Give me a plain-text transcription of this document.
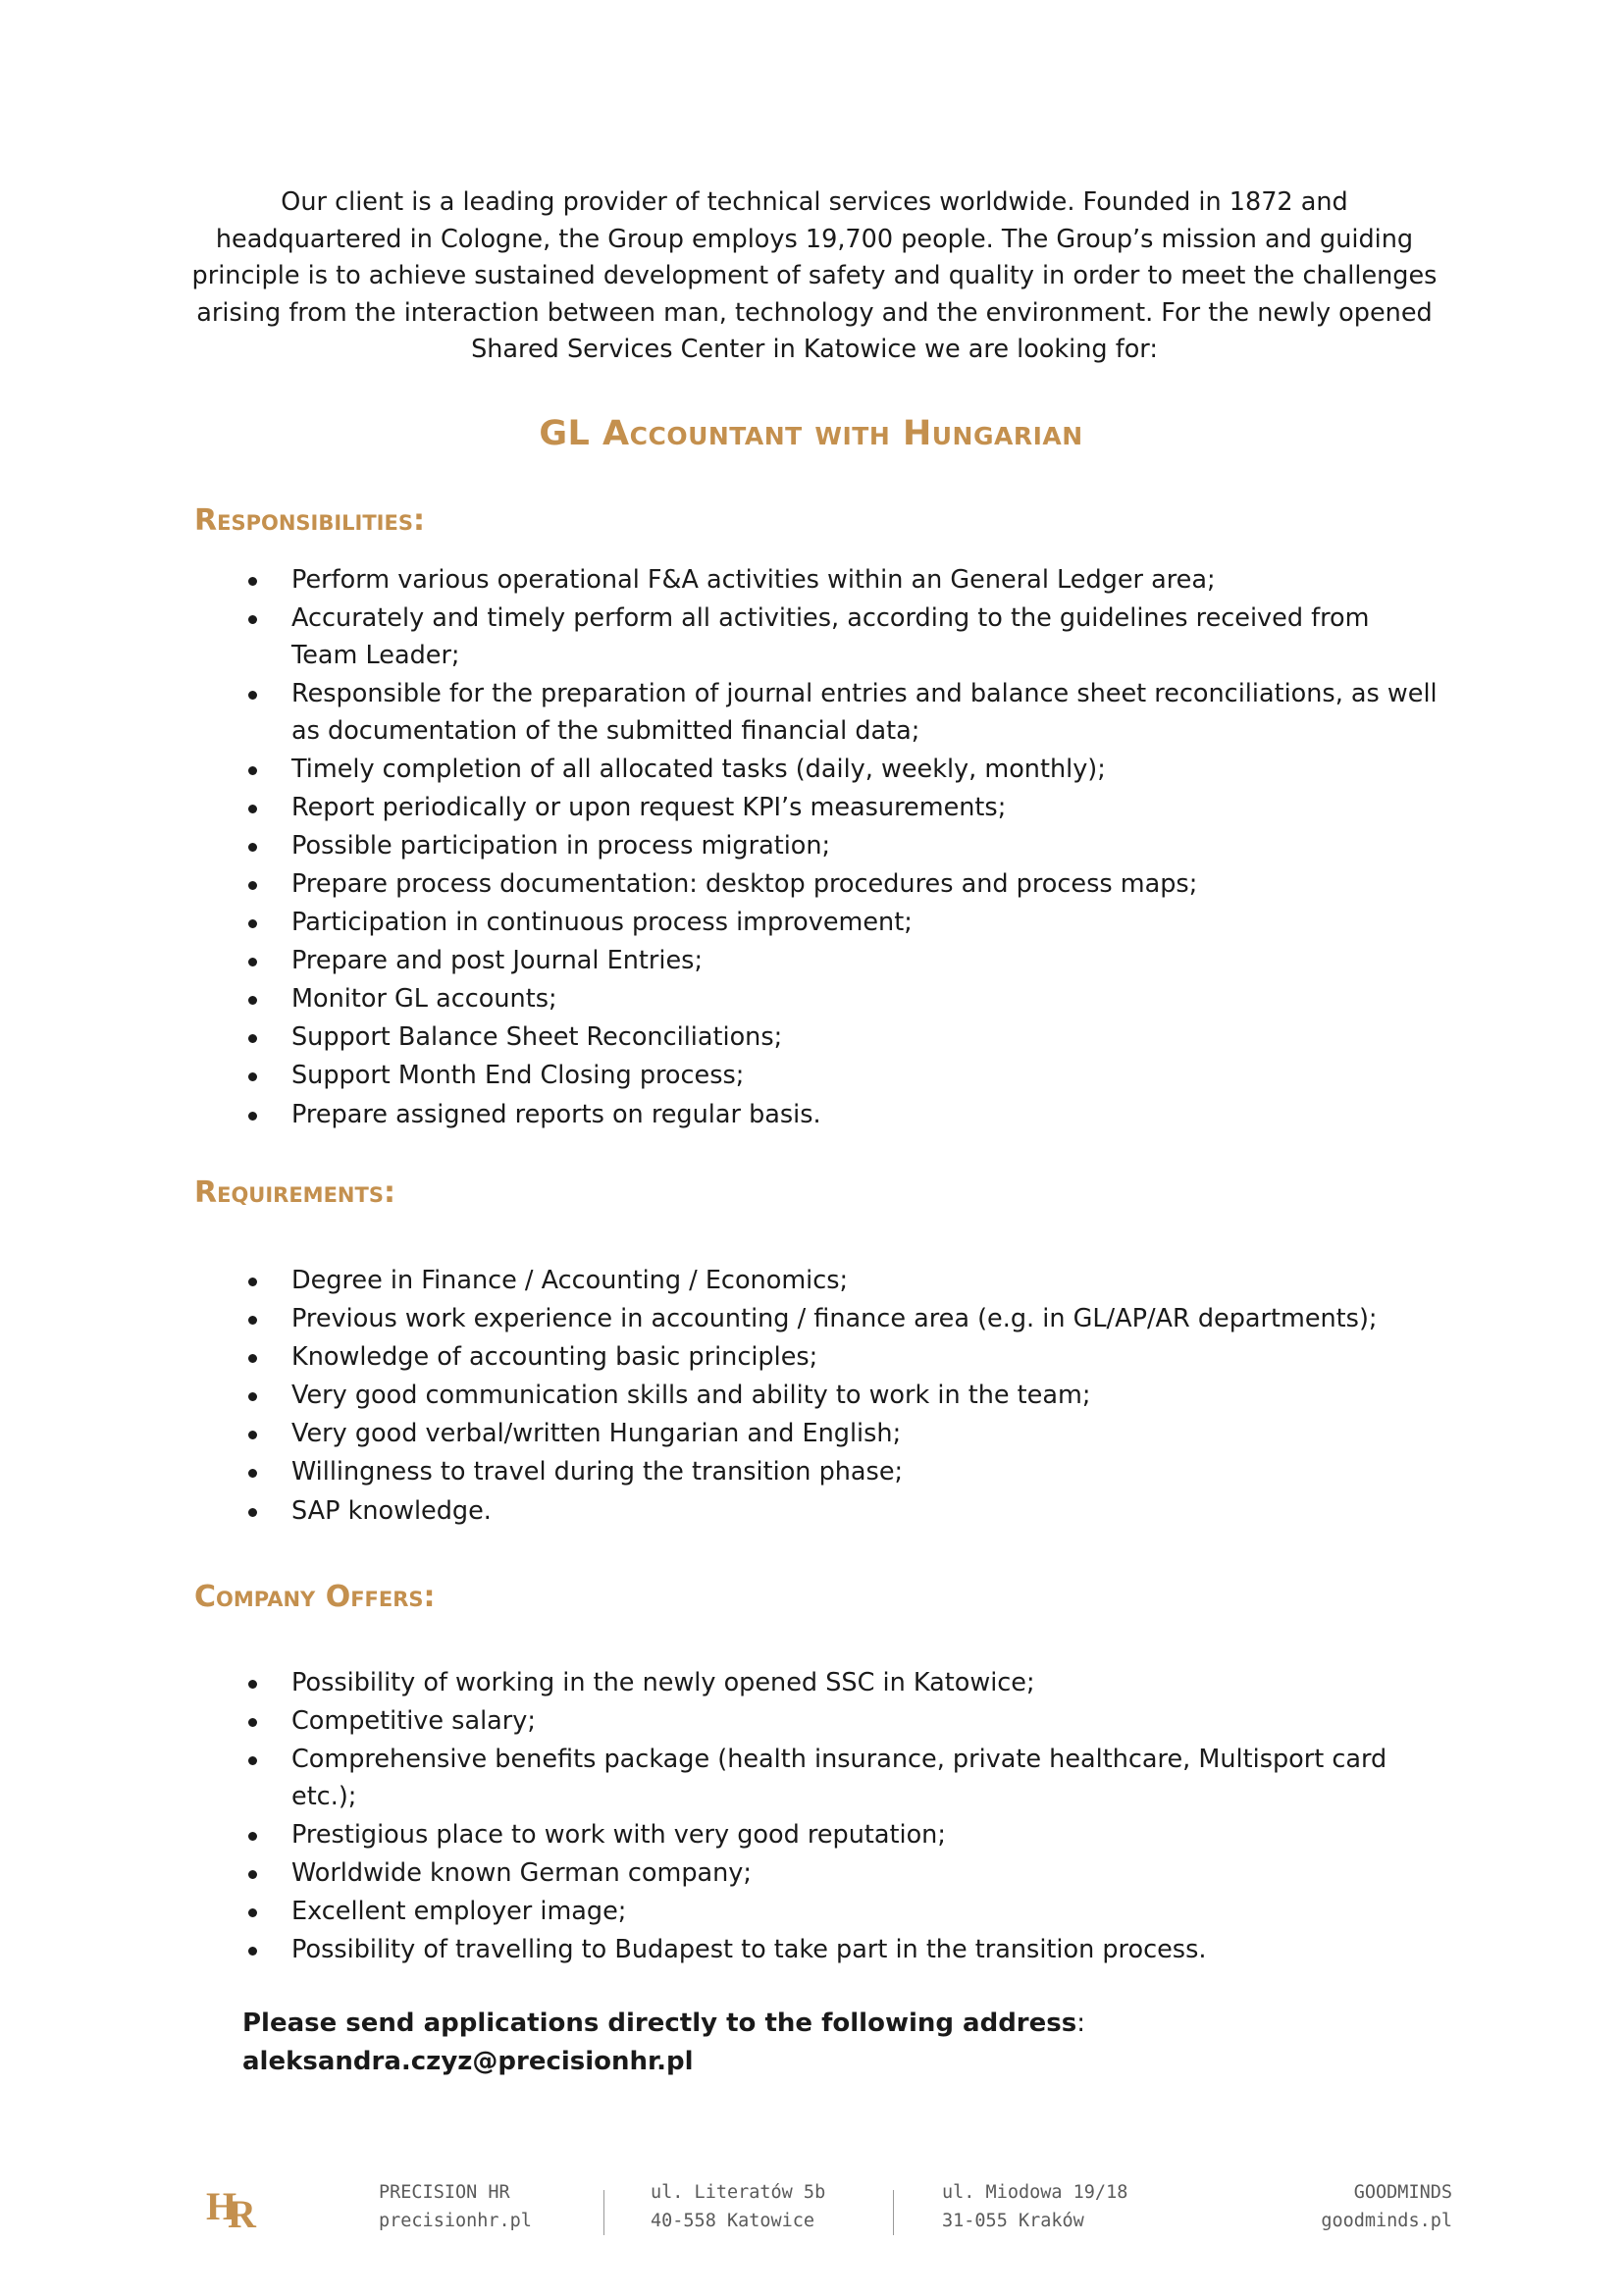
Our client is a leading provider of technical services worldwide. Founded in 1872 and headquartered in Cologne, the Group employs 19,700 people. The Group’s mission and guiding principle is to achieve sustained development of safety and quality in order to meet the challenges arising from the interaction between man, technology and the environment. For the newly opened Shared Services Center in Katowice we are looking for:
GL Accountant with Hungarian
Responsibilities:
Perform various operational F&A activities within an General Ledger area;
Accurately and timely perform all activities, according to the guidelines received from Team Leader;
Responsible for the preparation of journal entries and balance sheet reconciliations, as well as documentation of the submitted financial data;
Timely completion of all allocated tasks (daily, weekly, monthly);
Report periodically or upon request KPI’s measurements;
Possible participation in process migration;
Prepare process documentation: desktop procedures and process maps;
Participation in continuous process improvement;
Prepare and post Journal Entries;
Monitor GL accounts;
Support Balance Sheet Reconciliations;
Support Month End Closing process;
Prepare assigned reports on regular basis.
Requirements:
Degree in Finance / Accounting / Economics;
Previous work experience in accounting / finance area (e.g. in GL/AP/AR departments);
Knowledge of accounting basic principles;
Very good communication skills and ability to work in the team;
Very good verbal/written Hungarian and English;
Willingness to travel during the transition phase;
SAP knowledge.
Company Offers:
Possibility of working in the newly opened SSC in Katowice;
Competitive salary;
Comprehensive benefits package (health insurance, private healthcare, Multisport card etc.);
Prestigious place to work with very good reputation;
Worldwide known German company;
Excellent employer image;
Possibility of travelling to Budapest to take part in the transition process.
Please send applications directly to the following address:
aleksandra.czyz@precisionhr.pl
H
R	PRECISION HR
precisionhr.pl
ul. Literatów 5b
40-558 Katowice
ul. Miodowa 19/18
31-055 Kraków
GOODMINDS
goodminds.pl
